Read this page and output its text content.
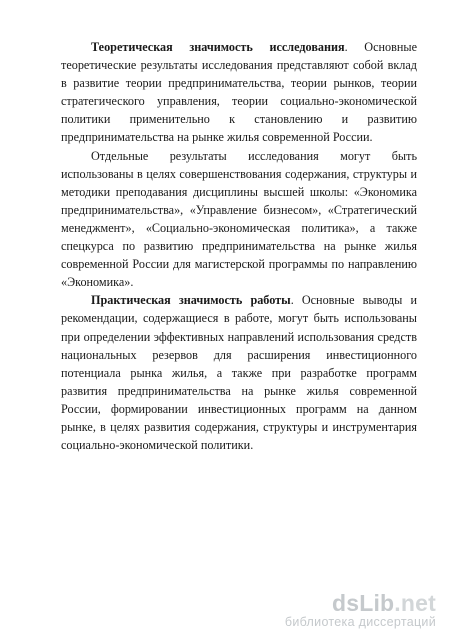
Теоретическая значимость исследования. Основные теоретические результаты исследования представляют собой вклад в развитие теории предпринимательства, теории рынков, теории стратегического управления, теории социально-экономической политики применительно к становлению и развитию предпринимательства на рынке жилья современной России.

Отдельные результаты исследования могут быть использованы в целях совершенствования содержания, структуры и методики преподавания дисциплины высшей школы: «Экономика предпринимательства», «Управление бизнесом», «Стратегический менеджмент», «Социально-экономическая политика», а также спецкурса по развитию предпринимательства на рынке жилья современной России для магистерской программы по направлению «Экономика».

Практическая значимость работы. Основные выводы и рекомендации, содержащиеся в работе, могут быть использованы при определении эффективных направлений использования средств национальных резервов для расширения инвестиционного потенциала рынка жилья, а также при разработке программ развития предпринимательства на рынке жилья современной России, формировании инвестиционных программ на данном рынке, в целях развития содержания, структуры и инструментария социально-экономической политики.

dsLib.net
библиотека диссертаций
